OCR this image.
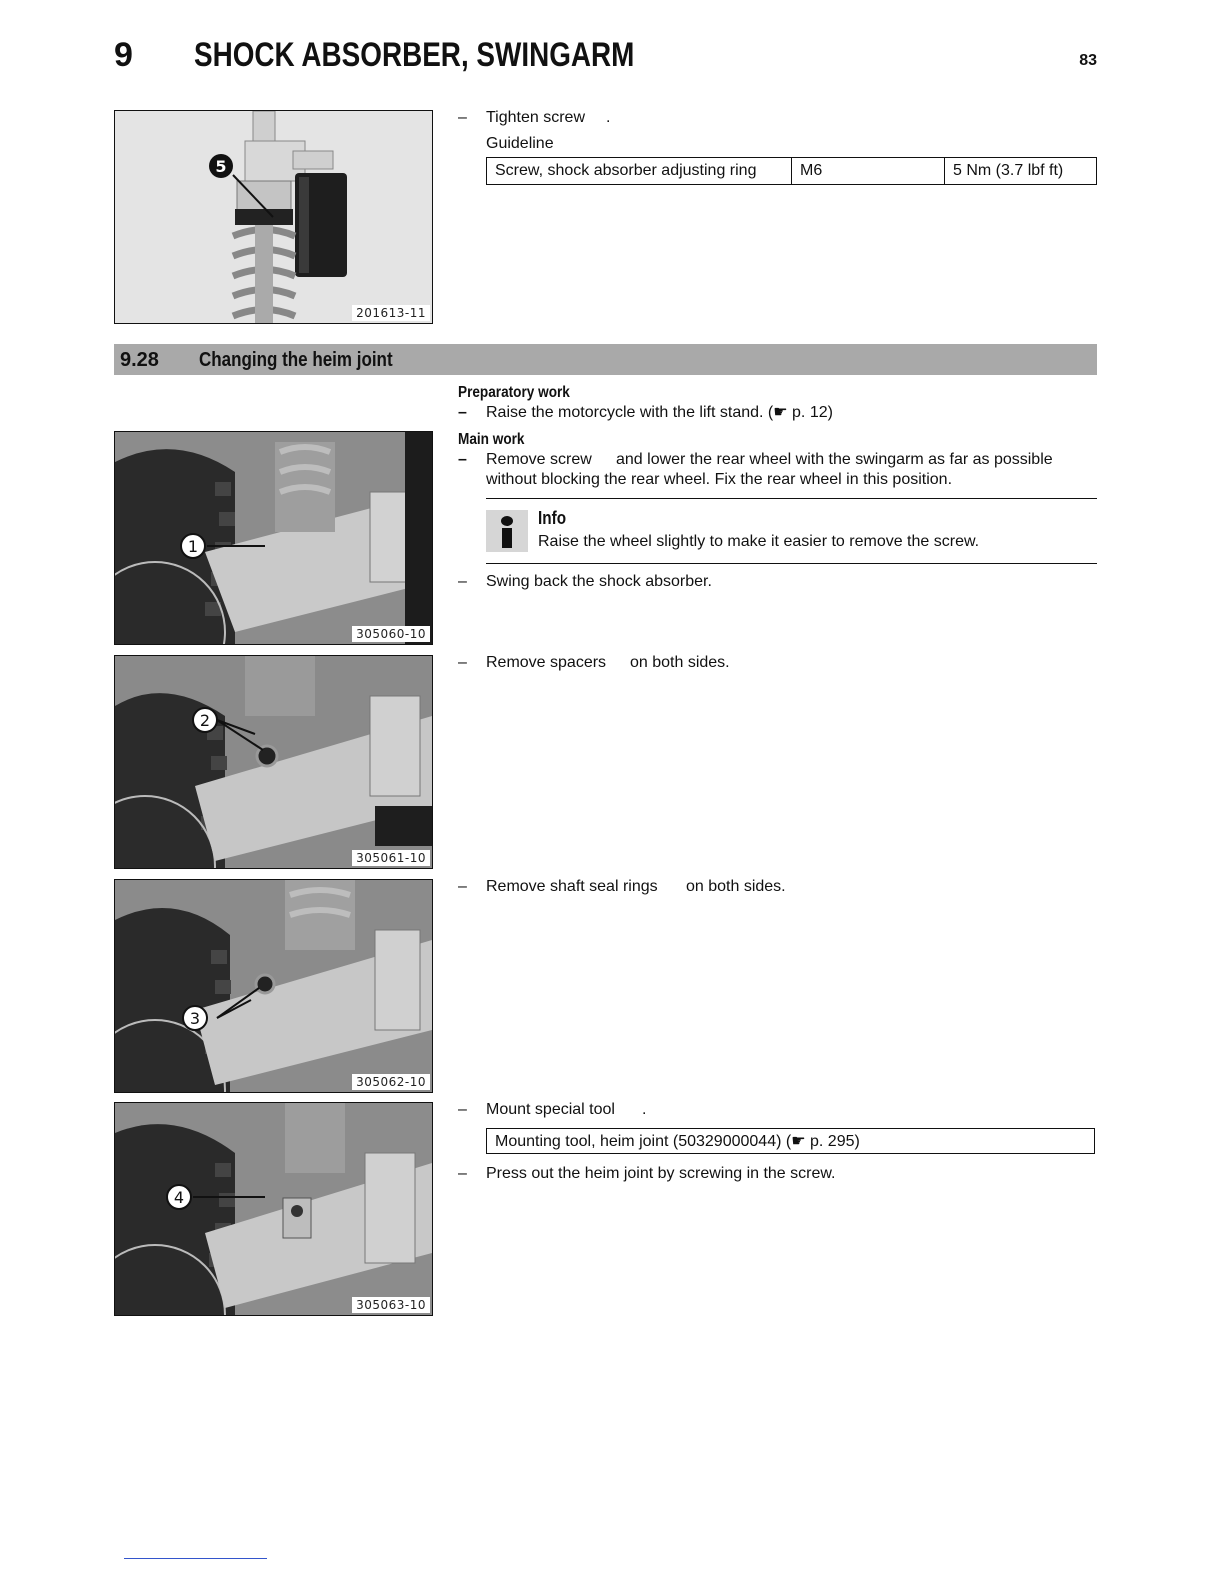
9 SHOCK ABSORBER, SWINGARM	83
5
201613-11
– Tighten screw .
Guideline
Screw, shock absorber adjusting ring	M6	5 Nm (3.7 lbf ft)
9.28 Changing the heim joint
Preparatory work
– Raise the motorcycle with the lift stand. (☛ p. 12)
Main work
– Remove screw and lower the rear wheel with the swingarm as far as possible
without blocking the rear wheel. Fix the rear wheel in this position.
Info
Raise the wheel slightly to make it easier to remove the screw.
– Swing back the shock absorber.
– Remove spacers on both sides.
– Remove shaft seal rings on both sides.
– Mount special tool .
Mounting tool, heim joint (50329000044) (☛ p. 295)
– Press out the heim joint by screwing in the screw.
1
305060-10
2
305061-10
3
305062-10
4
305063-10
